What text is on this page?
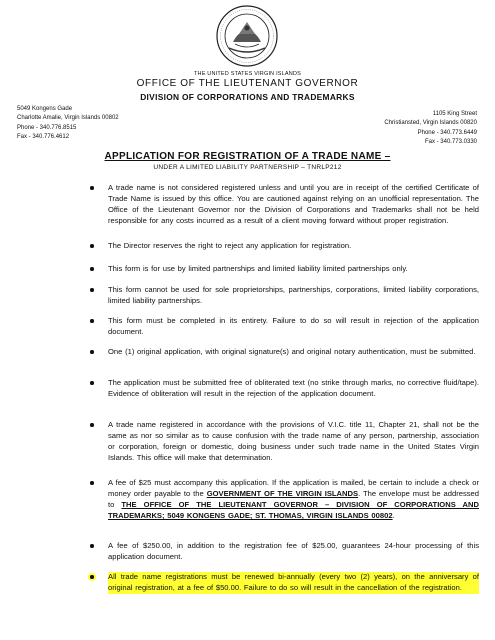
THE UNITED STATES VIRGIN ISLANDS
OFFICE OF THE LIEUTENANT GOVERNOR
DIVISION OF CORPORATIONS AND TRADEMARKS
5049 Kongens Gade
Charlotte Amalie, Virgin Islands 00802
Phone - 340.776.8515
Fax - 340.776.4612
1105 King Street
Christiansted, Virgin Islands 00820
Phone - 340.773.6449
Fax - 340.773.0330
APPLICATION FOR REGISTRATION OF A TRADE NAME –
UNDER A LIMITED LIABILITY PARTNERSHIP – TNRLP212
A trade name is not considered registered unless and until you are in receipt of the certified Certificate of Trade Name is issued by this office. You are cautioned against relying on an unofficial representation. The Office of the Lieutenant Governor nor the Division of Corporations and Trademarks shall not be held responsible for any costs incurred as a result of a client moving forward without proper registration.
The Director reserves the right to reject any application for registration.
This form is for use by limited partnerships and limited liability limited partnerships only.
This form cannot be used for sole proprietorships, partnerships, corporations, limited liability corporations, limited liability partnerships.
This form must be completed in its entirety. Failure to do so will result in rejection of the application document.
One (1) original application, with original signature(s) and original notary authentication, must be submitted.
The application must be submitted free of obliterated text (no strike through marks, no corrective fluid/tape). Evidence of obliteration will result in the rejection of the application document.
A trade name registered in accordance with the provisions of V.I.C. title 11, Chapter 21, shall not be the same as nor so similar as to cause confusion with the trade name of any person, partnership, association or corporation, foreign or domestic, doing business under such trade name in the United States Virgin Islands. This office will make that determination.
A fee of $25 must accompany this application. If the application is mailed, be certain to include a check or money order payable to the GOVERNMENT OF THE VIRGIN ISLANDS. The envelope must be addressed to THE OFFICE OF THE LIEUTENANT GOVERNOR – DIVISION OF CORPORATIONS AND TRADEMARKS; 5049 KONGENS GADE; ST. THOMAS, VIRGIN ISLANDS 00802.
A fee of $250.00, in addition to the registration fee of $25.00, guarantees 24-hour processing of this application document.
All trade name registrations must be renewed bi-annually (every two (2) years), on the anniversary of original registration, at a fee of $50.00. Failure to do so will result in the cancellation of the registration.
